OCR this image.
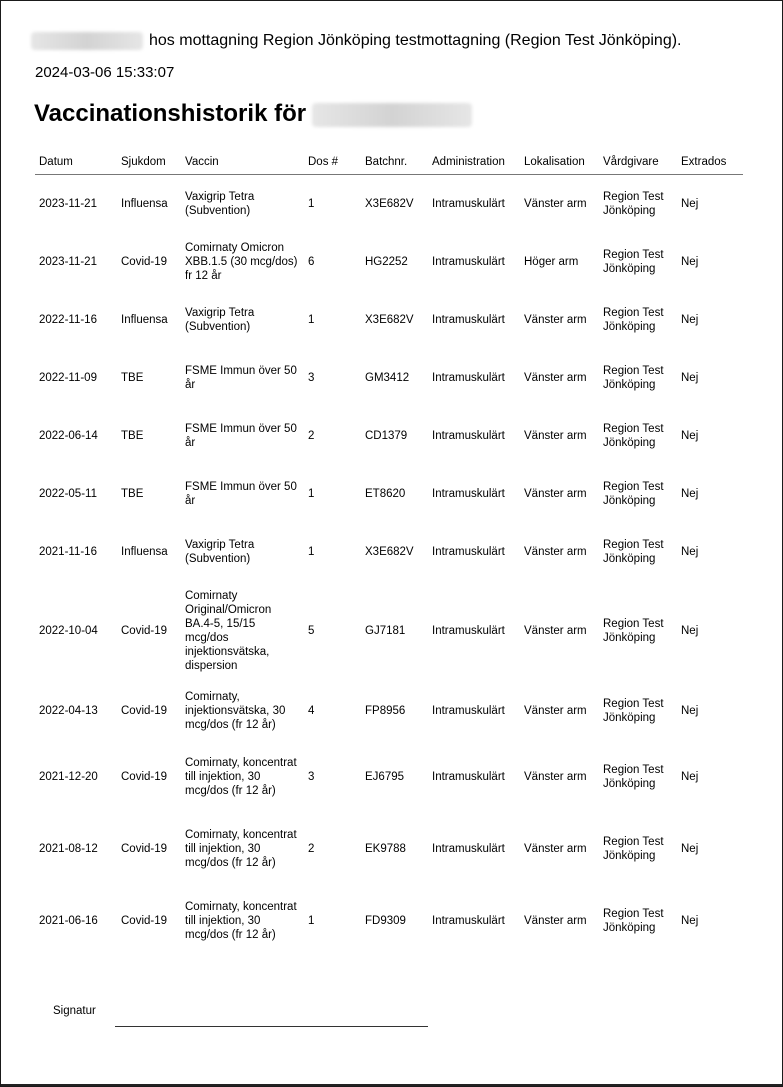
hos mottagning Region Jönköping testmottagning (Region Test Jönköping).
2024-03-06 15:33:07
Vaccinationshistorik för
Datum	Sjukdom	Vaccin	Dos #	Batchnr.	Administration	Lokalisation	Vårdgivare	Extrados
2023-11-21	Influensa	Vaxigrip Tetra (Subvention)	1	X3E682V	Intramuskulärt	Vänster arm	Region Test Jönköping	Nej
2023-11-21	Covid-19	Comirnaty Omicron XBB.1.5 (30 mcg/dos) fr 12 år	6	HG2252	Intramuskulärt	Höger arm	Region Test Jönköping	Nej
2022-11-16	Influensa	Vaxigrip Tetra (Subvention)	1	X3E682V	Intramuskulärt	Vänster arm	Region Test Jönköping	Nej
2022-11-09	TBE	FSME Immun över 50 år	3	GM3412	Intramuskulärt	Vänster arm	Region Test Jönköping	Nej
2022-06-14	TBE	FSME Immun över 50 år	2	CD1379	Intramuskulärt	Vänster arm	Region Test Jönköping	Nej
2022-05-11	TBE	FSME Immun över 50 år	1	ET8620	Intramuskulärt	Vänster arm	Region Test Jönköping	Nej
2021-11-16	Influensa	Vaxigrip Tetra (Subvention)	1	X3E682V	Intramuskulärt	Vänster arm	Region Test Jönköping	Nej
2022-10-04	Covid-19	Comirnaty Original/Omicron BA.4-5, 15/15 mcg/dos injektionsvätska, dispersion	5	GJ7181	Intramuskulärt	Vänster arm	Region Test Jönköping	Nej
2022-04-13	Covid-19	Comirnaty, injektionsvätska, 30 mcg/dos (fr 12 år)	4	FP8956	Intramuskulärt	Vänster arm	Region Test Jönköping	Nej
2021-12-20	Covid-19	Comirnaty, koncentrat till injektion, 30 mcg/dos (fr 12 år)	3	EJ6795	Intramuskulärt	Vänster arm	Region Test Jönköping	Nej
2021-08-12	Covid-19	Comirnaty, koncentrat till injektion, 30 mcg/dos (fr 12 år)	2	EK9788	Intramuskulärt	Vänster arm	Region Test Jönköping	Nej
2021-06-16	Covid-19	Comirnaty, koncentrat till injektion, 30 mcg/dos (fr 12 år)	1	FD9309	Intramuskulärt	Vänster arm	Region Test Jönköping	Nej
Signatur
